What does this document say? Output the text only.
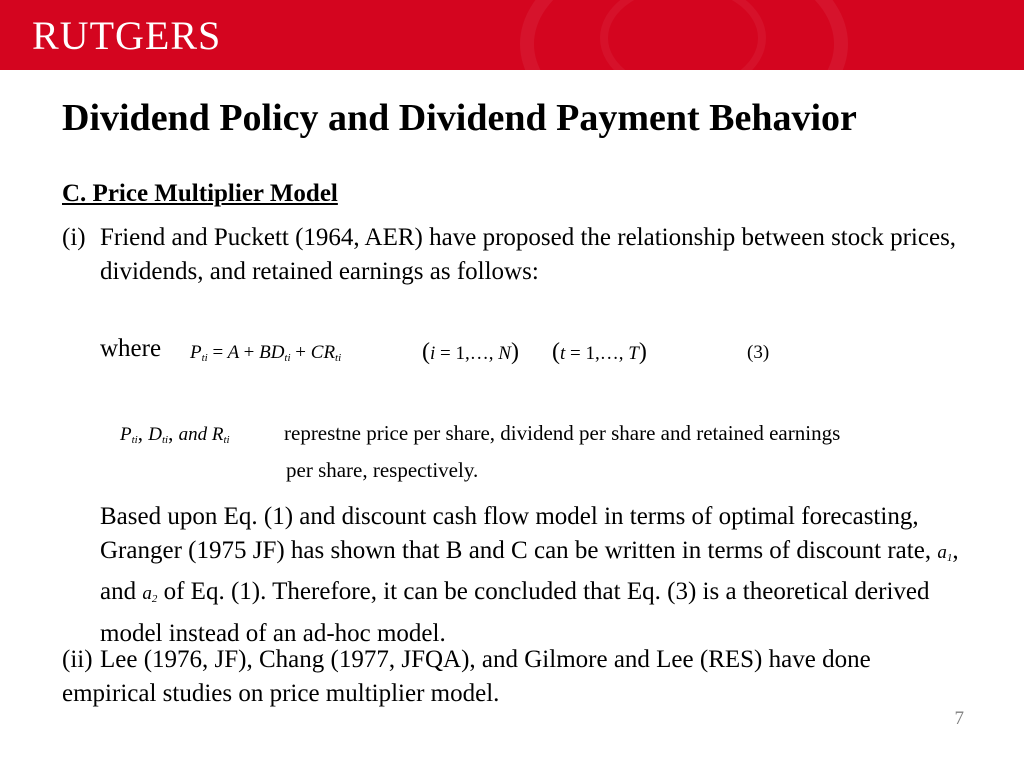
RUTGERS
Dividend Policy and Dividend Payment Behavior
C. Price Multiplier Model
(i) Friend and Puckett (1964, AER) have proposed the relationship between stock prices, dividends, and retained earnings as follows:
where $P_{ti} = A + BD_{ti} + CR_{ti}$	(i = 1,…, N) (t = 1,…, T)	(3)
$P_{ti}$, $D_{ti}$, and $R_{ti}$	represtne price per share, dividend per share and retained earnings
per share, respectively.
Based upon Eq. (1) and discount cash flow model in terms of optimal forecasting, Granger (1975 JF) has shown that B and C can be written in terms of discount rate, $a_1$, and $a_2$ of Eq. (1). Therefore, it can be concluded that Eq. (3) is a theoretical derived model instead of an ad-hoc model.
(ii) Lee (1976, JF), Chang (1977, JFQA), and Gilmore and Lee (RES) have done empirical studies on price multiplier model.
7
